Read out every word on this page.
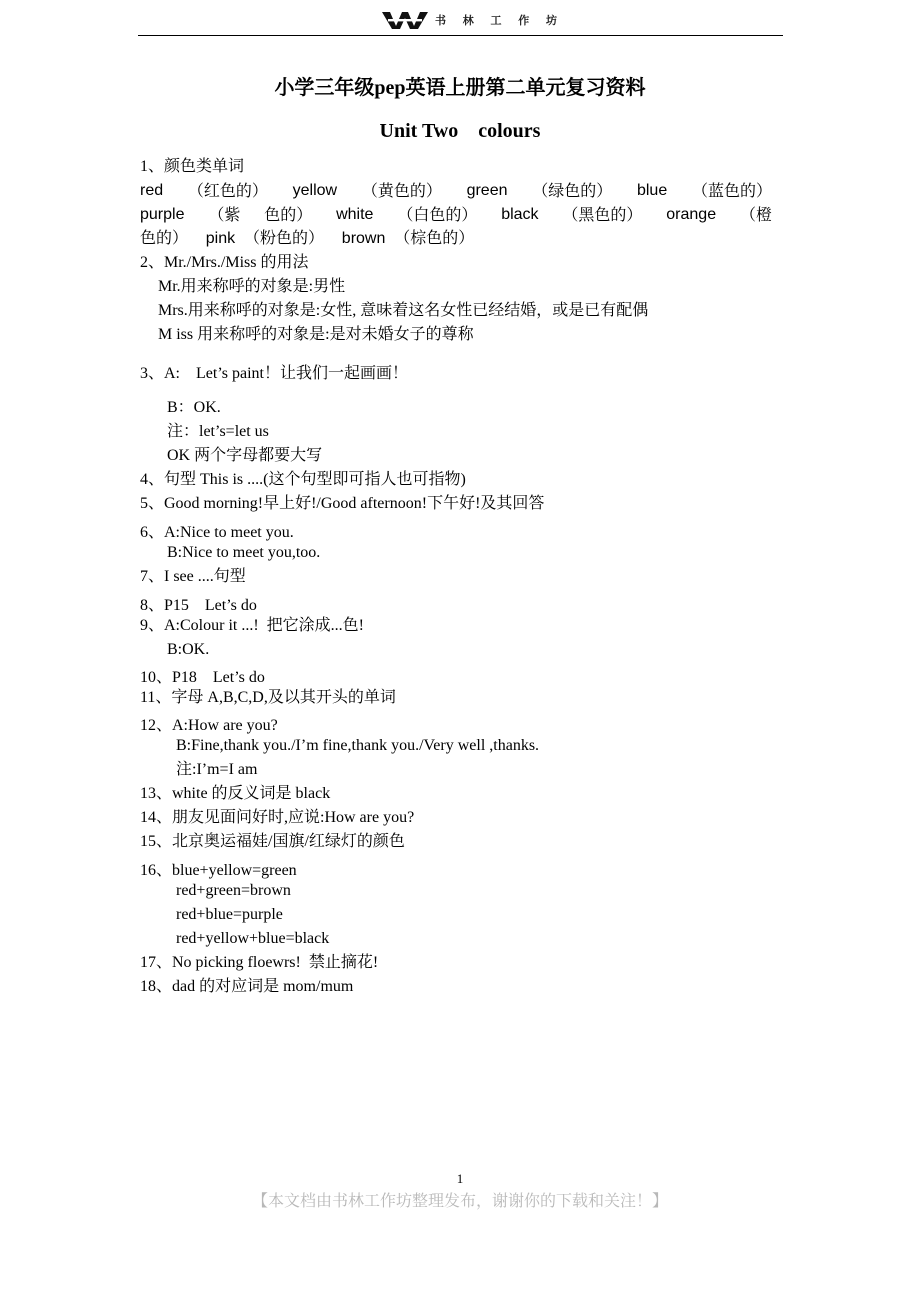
书 林 工 作 坊
小学三年级pep英语上册第二单元复习资料
Unit Two    colours
1、颜色类单词
red （红色的） yellow （黄色的） green （绿色的） blue （蓝色的）
purple （紫 色的） white （白色的） black （黑色的） orange （橙
色的）    pink  （粉色的）    brown  （棕色的）
2、Mr./Mrs./Miss 的用法
Mr.用来称呼的对象是:男性
Mrs.用来称呼的对象是:女性, 意味着这名女性已经结婚，或是已有配偶
M iss 用来称呼的对象是:是对未婚女子的尊称
3、A:    Let’s paint！让我们一起画画！
B：OK.
注：let’s=let us
OK 两个字母都要大写
4、句型 This is ....(这个句型即可指人也可指物)
5、Good morning!早上好!/Good afternoon!下午好!及其回答
6、A:Nice to meet you.
B:Nice to meet you,too.
7、I see ....句型
8、P15    Let’s do
9、A:Colour it ...!  把它涂成...色!
B:OK.
10、P18    Let’s do
11、字母 A,B,C,D,及以其开头的单词
12、A:How are you?
B:Fine,thank you./I’m fine,thank you./Very well ,thanks.
注:I’m=I am
13、white 的反义词是 black
14、朋友见面问好时,应说:How are you?
15、北京奥运福娃/国旗/红绿灯的颜色
16、blue+yellow=green
red+green=brown
red+blue=purple
red+yellow+blue=black
17、No picking floewrs!  禁止摘花!
18、dad 的对应词是 mom/mum
1
【本文档由书林工作坊整理发布，谢谢你的下载和关注！】
